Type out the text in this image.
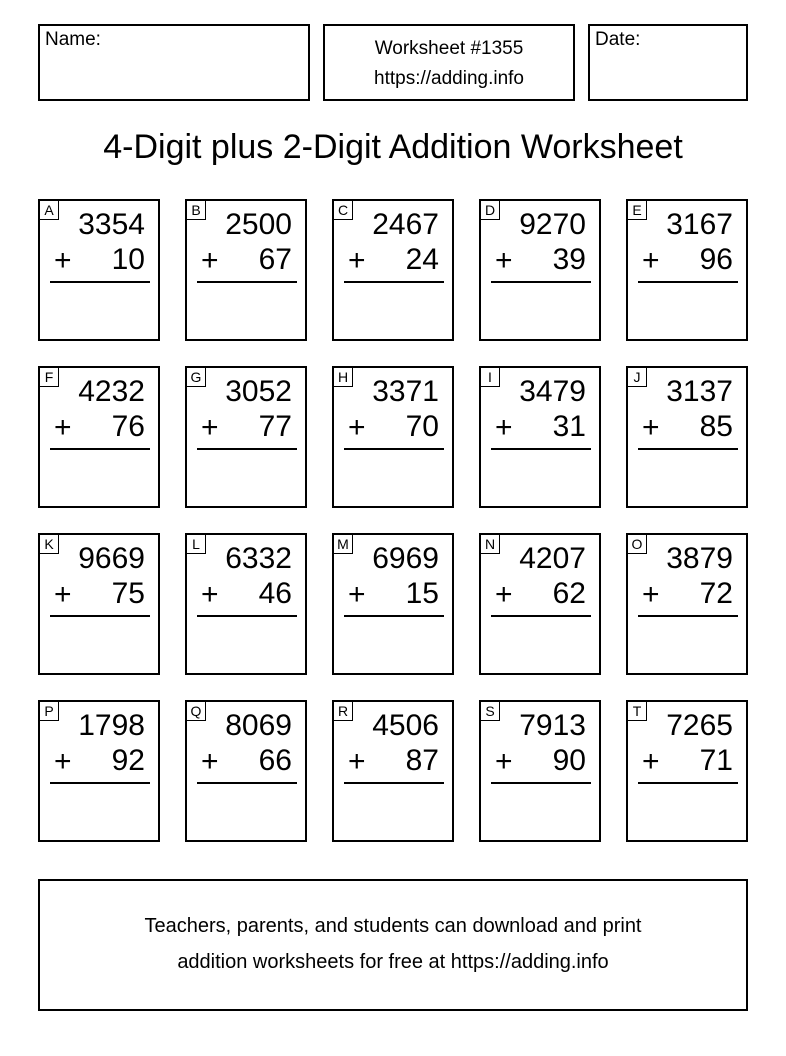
Name:	Worksheet #1355
https://adding.info
Date:
4-Digit plus 2-Digit Addition Worksheet
A 3354
+ 10
B 2500
+ 67
C 2467
+ 24
D 9270
+ 39
E 3167
+ 96
F 4232
+ 76
G 3052
+ 77
H 3371
+ 70
I 3479
+ 31
J 3137
+ 85
K 9669
+ 75
L 6332
+ 46
M 6969
+ 15
N 4207
+ 62
O 3879
+ 72
P 1798
+ 92
Q 8069
+ 66
R 4506
+ 87
S 7913
+ 90
T 7265
+ 71
Teachers, parents, and students can download and print
addition worksheets for free at https://adding.info
